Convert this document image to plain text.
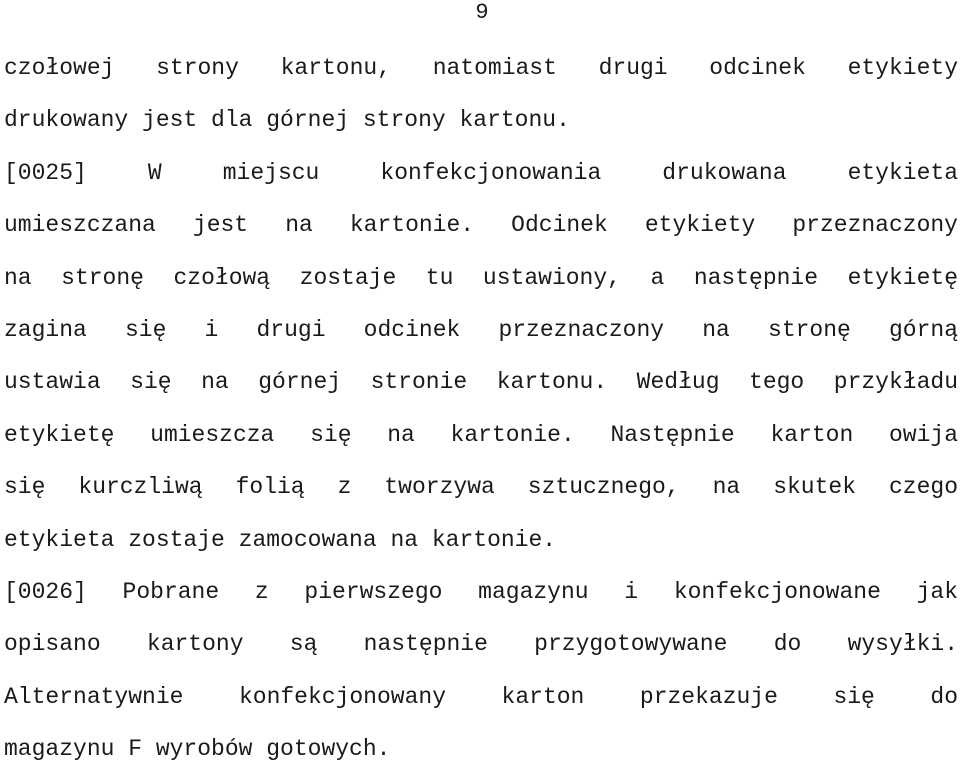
9
czołowej strony kartonu, natomiast drugi odcinek etykiety
drukowany jest dla górnej strony kartonu.
[0025] W miejscu konfekcjonowania drukowana etykieta
umieszczana jest na kartonie. Odcinek etykiety przeznaczony
na stronę czołową zostaje tu ustawiony, a następnie etykietę
zagina się i drugi odcinek przeznaczony na stronę górną
ustawia się na górnej stronie kartonu. Według tego przykładu
etykietę umieszcza się na kartonie. Następnie karton owija
się kurczliwą folią z tworzywa sztucznego, na skutek czego
etykieta zostaje zamocowana na kartonie.
[0026] Pobrane z pierwszego magazynu i konfekcjonowane jak
opisano kartony są następnie przygotowywane do wysyłki.
Alternatywnie konfekcjonowany karton przekazuje się do
magazynu F wyrobów gotowych.
